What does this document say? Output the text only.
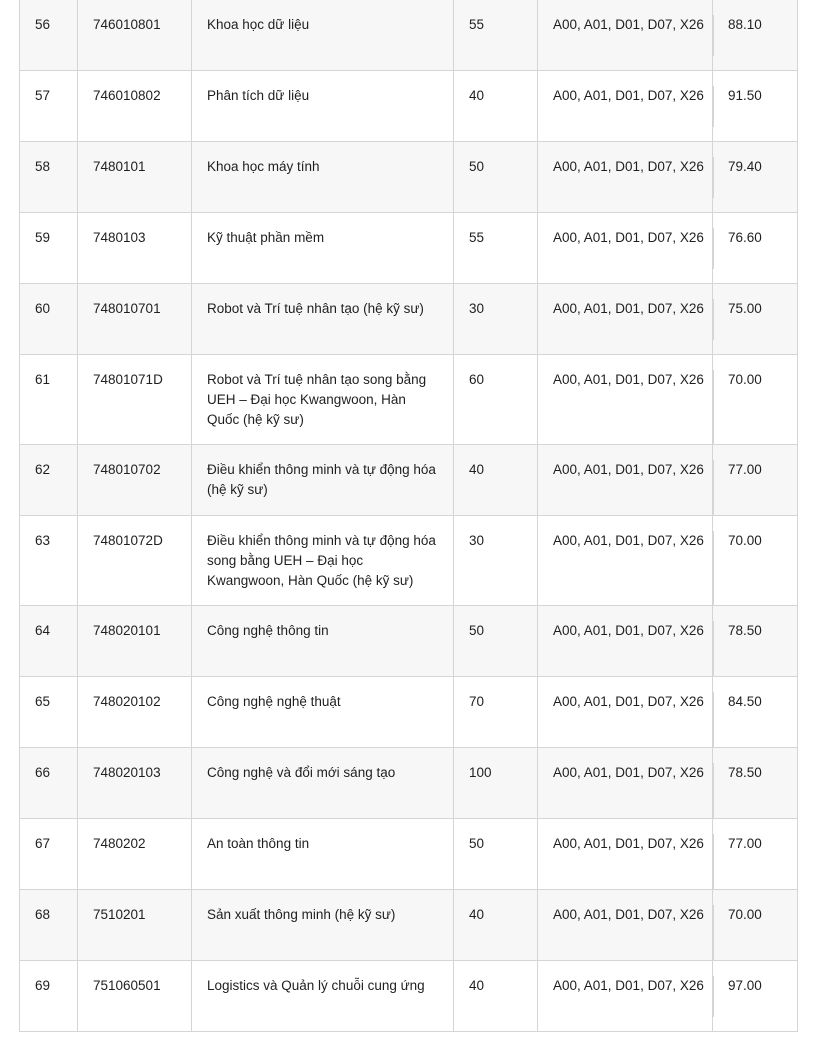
56	746010801	Khoa học dữ liệu	55	A00, A01, D01, D07, X26	88.10
57	746010802	Phân tích dữ liệu	40	A00, A01, D01, D07, X26	91.50
58	7480101	Khoa học máy tính	50	A00, A01, D01, D07, X26	79.40
59	7480103	Kỹ thuật phần mềm	55	A00, A01, D01, D07, X26	76.60
60	748010701	Robot và Trí tuệ nhân tạo (hệ kỹ sư)	30	A00, A01, D01, D07, X26	75.00
61	74801071D	Robot và Trí tuệ nhân tạo song bằng UEH – Đại học Kwangwoon, Hàn Quốc (hệ kỹ sư)	60	A00, A01, D01, D07, X26	70.00
62	748010702	Điều khiển thông minh và tự động hóa (hệ kỹ sư)	40	A00, A01, D01, D07, X26	77.00
63	74801072D	Điều khiển thông minh và tự động hóa song bằng UEH – Đại học Kwangwoon, Hàn Quốc (hệ kỹ sư)	30	A00, A01, D01, D07, X26	70.00
64	748020101	Công nghệ thông tin	50	A00, A01, D01, D07, X26	78.50
65	748020102	Công nghệ nghệ thuật	70	A00, A01, D01, D07, X26	84.50
66	748020103	Công nghệ và đổi mới sáng tạo	100	A00, A01, D01, D07, X26	78.50
67	7480202	An toàn thông tin	50	A00, A01, D01, D07, X26	77.00
68	7510201	Sản xuất thông minh (hệ kỹ sư)	40	A00, A01, D01, D07, X26	70.00
69	751060501	Logistics và Quản lý chuỗi cung ứng	40	A00, A01, D01, D07, X26	97.00
